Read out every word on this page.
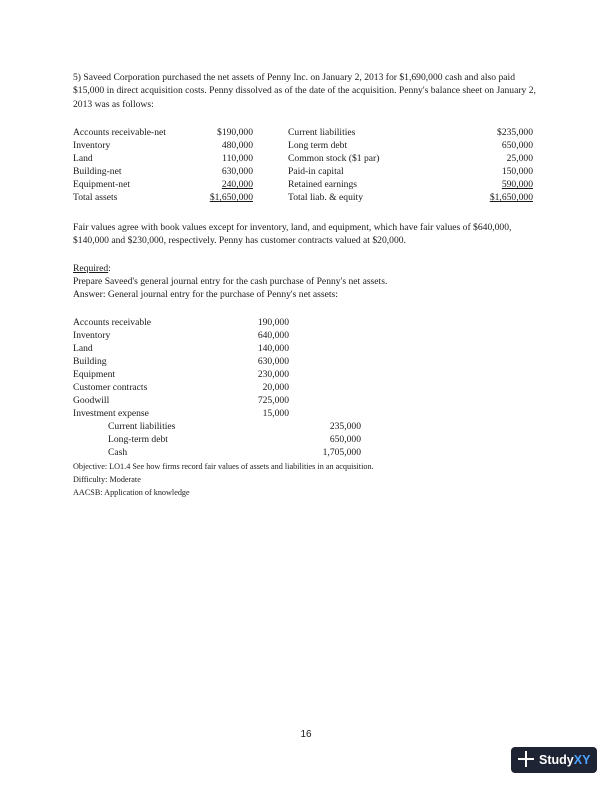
5) Saveed Corporation purchased the net assets of Penny Inc. on January 2, 2013 for $1,690,000 cash and also paid $15,000 in direct acquisition costs. Penny dissolved as of the date of the acquisition. Penny's balance sheet on January 2, 2013 was as follows:

Accounts receivable-net	$190,000	Current liabilities	$235,000
Inventory	480,000	Long term debt	650,000
Land	110,000	Common stock ($1 par)	25,000
Building-net	630,000	Paid-in capital	150,000
Equipment-net	240,000	Retained earnings	590,000
Total assets	$1,650,000	Total liab. & equity	$1,650,000

Fair values agree with book values except for inventory, land, and equipment, which have fair values of $640,000, $140,000 and $230,000, respectively. Penny has customer contracts valued at $20,000.

Required:

Prepare Saveed's general journal entry for the cash purchase of Penny's net assets.

Answer: General journal entry for the purchase of Penny's net assets:

Accounts receivable	190,000
Inventory	640,000
Land	140,000
Building	630,000
Equipment	230,000
Customer contracts	20,000
Goodwill	725,000
Investment expense	15,000
Current liabilities	235,000
Long-term debt	650,000
Cash	1,705,000
Objective: LO1.4 See how firms record fair values of assets and liabilities in an acquisition.
Difficulty: Moderate
AACSB: Application of knowledge
16
StudyXY
